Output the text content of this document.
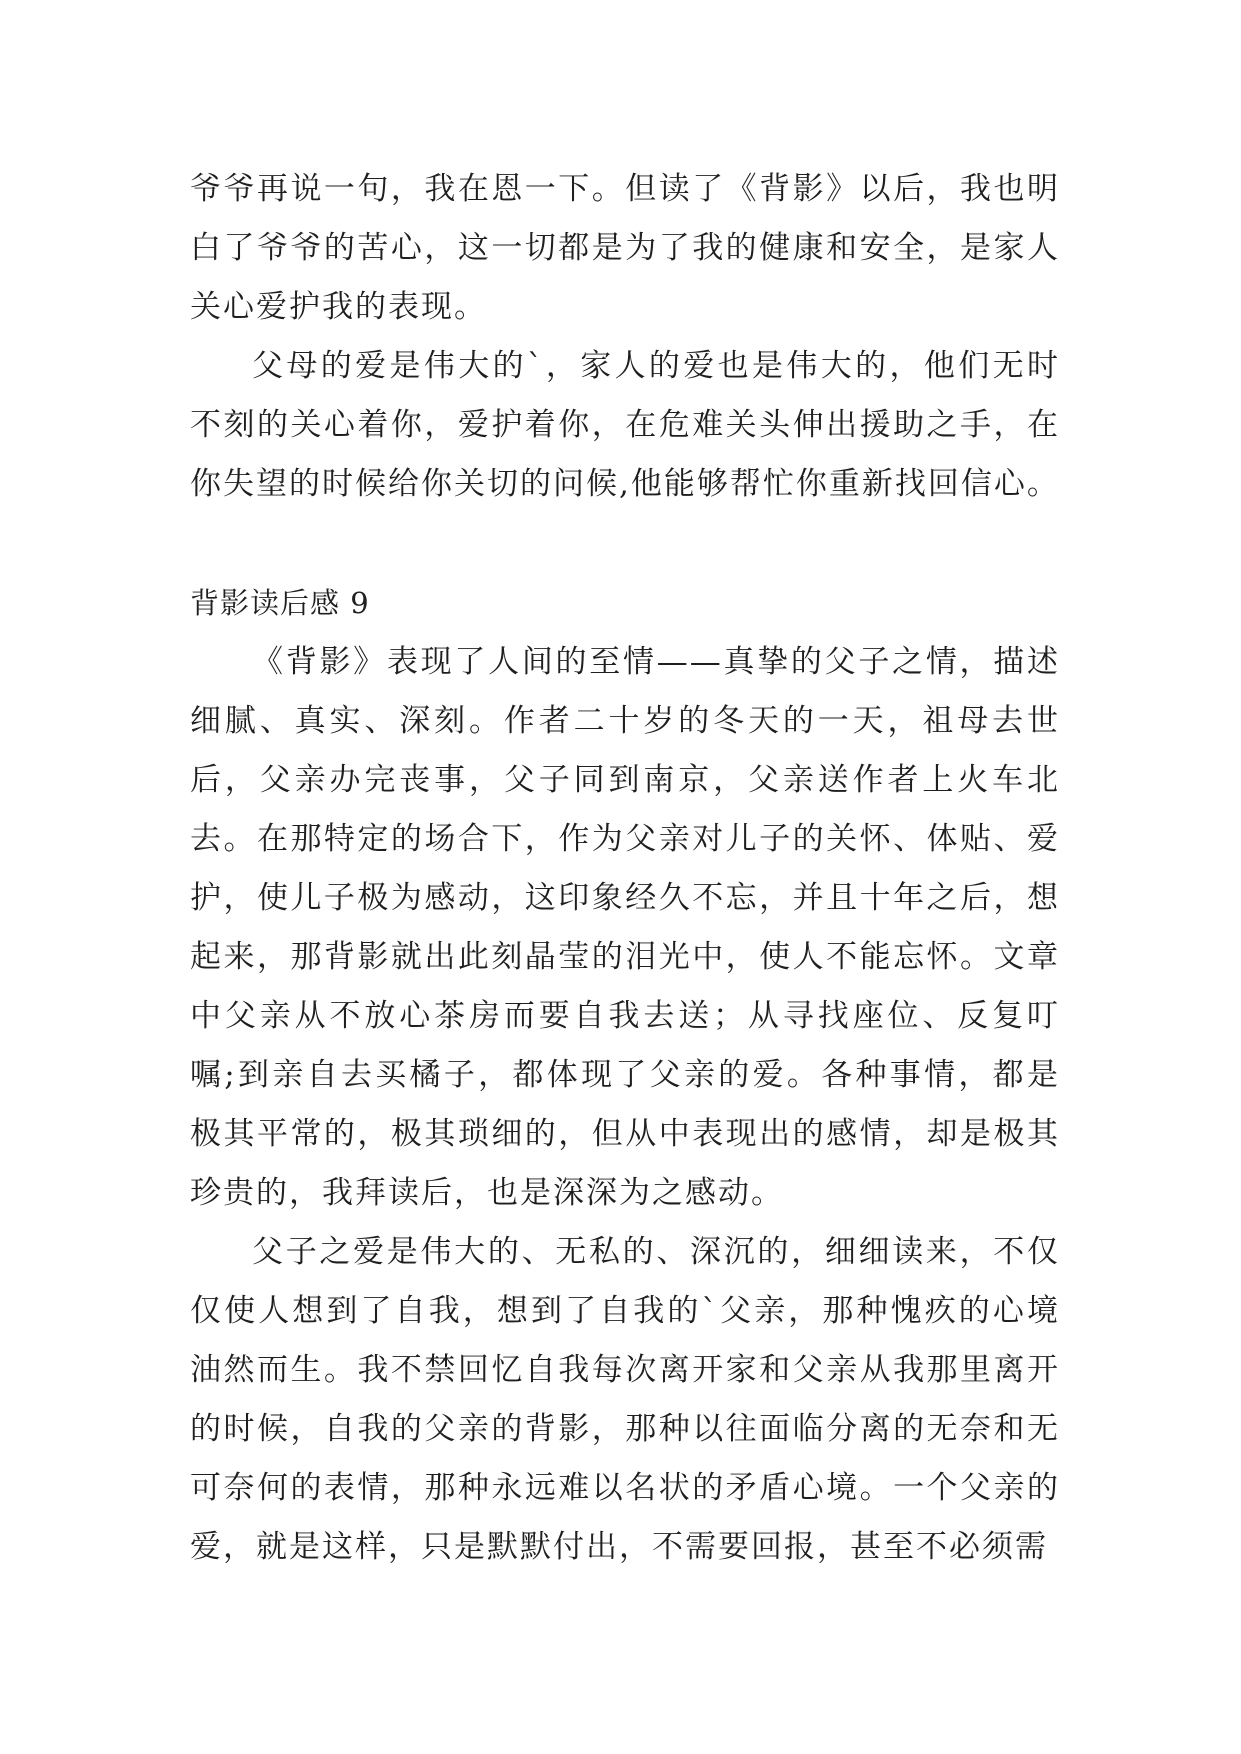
爷爷再说一句，我在恩一下。但读了《背影》以后，我也明白了爷爷的苦心，这一切都是为了我的健康和安全，是家人关心爱护我的表现。

父母的爱是伟大的`，家人的爱也是伟大的，他们无时不刻的关心着你，爱护着你，在危难关头伸出援助之手，在你失望的时候给你关切的问候,他能够帮忙你重新找回信心。

背影读后感 9

《背影》表现了人间的至情——真挚的父子之情，描述细腻、真实、深刻。作者二十岁的冬天的一天，祖母去世后，父亲办完丧事，父子同到南京，父亲送作者上火车北去。在那特定的场合下，作为父亲对儿子的关怀、体贴、爱护，使儿子极为感动，这印象经久不忘，并且十年之后，想起来，那背影就出此刻晶莹的泪光中，使人不能忘怀。文章中父亲从不放心茶房而要自我去送；从寻找座位、反复叮嘱;到亲自去买橘子，都体现了父亲的爱。各种事情，都是极其平常的，极其琐细的，但从中表现出的感情，却是极其珍贵的，我拜读后，也是深深为之感动。

父子之爱是伟大的、无私的、深沉的，细细读来，不仅仅使人想到了自我，想到了自我的`父亲，那种愧疚的心境油然而生。我不禁回忆自我每次离开家和父亲从我那里离开的时候，自我的父亲的背影，那种以往面临分离的无奈和无可奈何的表情，那种永远难以名状的矛盾心境。一个父亲的爱，就是这样，只是默默付出，不需要回报，甚至不必须需
